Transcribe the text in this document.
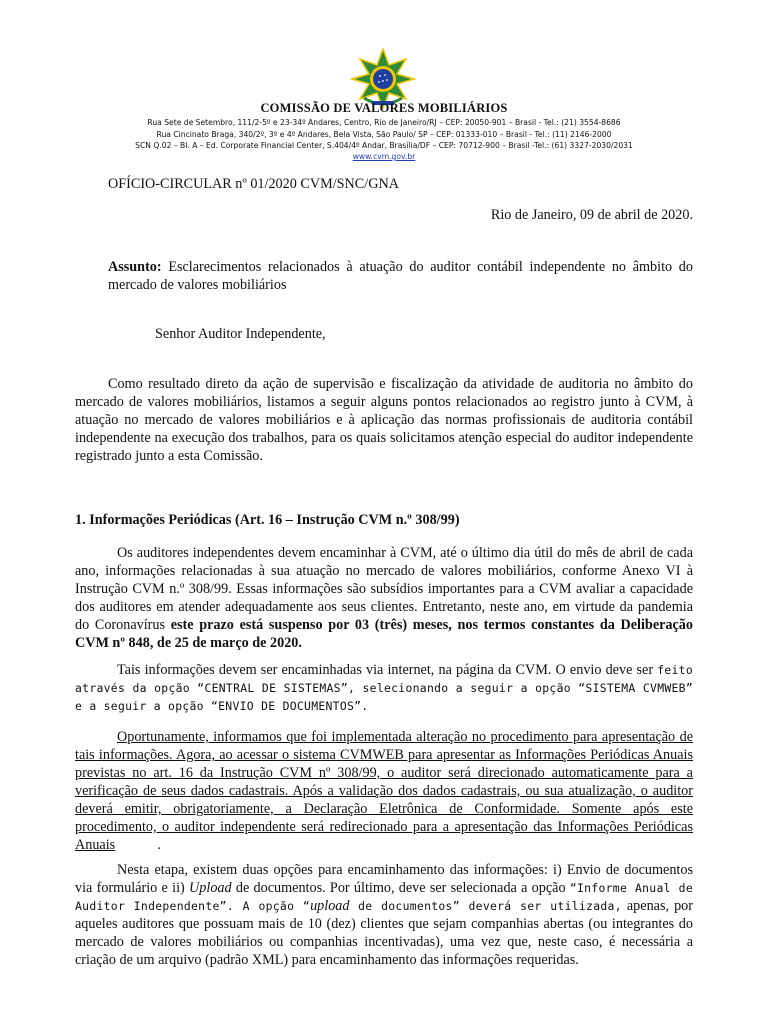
COMISSÃO DE VALORES MOBILIÁRIOS
Rua Sete de Setembro, 111/2-5º e 23-34º Andares, Centro, Rio de Janeiro/RJ – CEP: 20050-901 – Brasil - Tel.: (21) 3554-8686
Rua Cincinato Braga, 340/2º, 3º e 4º Andares, Bela Vista, São Paulo/ SP – CEP: 01333-010 – Brasil - Tel.: (11) 2146-2000
SCN Q.02 – Bl. A – Ed. Corporate Financial Center, S.404/4º Andar, Brasília/DF – CEP: 70712-900 – Brasil -Tel.: (61) 3327-2030/2031
www.cvm.gov.br
OFÍCIO-CIRCULAR nº 01/2020 CVM/SNC/GNA
Rio de Janeiro, 09 de abril de 2020.

Assunto: Esclarecimentos relacionados à atuação do auditor contábil independente no âmbito do mercado de valores mobiliários

Senhor Auditor Independente,

Como resultado direto da ação de supervisão e fiscalização da atividade de auditoria no âmbito do mercado de valores mobiliários, listamos a seguir alguns pontos relacionados ao registro junto à CVM, à atuação no mercado de valores mobiliários e à aplicação das normas profissionais de auditoria contábil independente na execução dos trabalhos, para os quais solicitamos atenção especial do auditor independente registrado junto a esta Comissão.

1. Informações Periódicas (Art. 16 – Instrução CVM n.º 308/99)

Os auditores independentes devem encaminhar à CVM, até o último dia útil do mês de abril de cada ano, informações relacionadas à sua atuação no mercado de valores mobiliários, conforme Anexo VI à Instrução CVM n.º 308/99. Essas informações são subsídios importantes para a CVM avaliar a capacidade dos auditores em atender adequadamente aos seus clientes. Entretanto, neste ano, em virtude da pandemia do Coronavírus este prazo está suspenso por 03 (três) meses, nos termos constantes da Deliberação CVM nº 848, de 25 de março de 2020.

Tais informações devem ser encaminhadas via internet, na página da CVM. O envio deve ser feito através da opção “CENTRAL DE SISTEMAS”, selecionando a seguir a opção “SISTEMA CVMWEB” e a seguir a opção “ENVIO DE DOCUMENTOS”.

Oportunamente, informamos que foi implementada alteração no procedimento para apresentação de tais informações. Agora, ao acessar o sistema CVMWEB para apresentar as Informações Periódicas Anuais previstas no art. 16 da Instrução CVM nº 308/99, o auditor será direcionado automaticamente para a verificação de seus dados cadastrais. Após a validação dos dados cadastrais, ou sua atualização, o auditor deverá emitir, obrigatoriamente, a Declaração Eletrônica de Conformidade. Somente após este procedimento, o auditor independente será redirecionado para a apresentação das Informações Periódicas Anuais	.

Nesta etapa, existem duas opções para encaminhamento das informações: i) Envio de documentos via formulário e ii) Upload de documentos. Por último, deve ser selecionada a opção “Informe Anual de Auditor Independente”. A opção “upload de documentos” deverá ser utilizada, apenas, por aqueles auditores que possuam mais de 10 (dez) clientes que sejam companhias abertas (ou integrantes do mercado de valores mobiliários ou companhias incentivadas), uma vez que, neste caso, é necessária a criação de um arquivo (padrão XML) para encaminhamento das informações requeridas.
